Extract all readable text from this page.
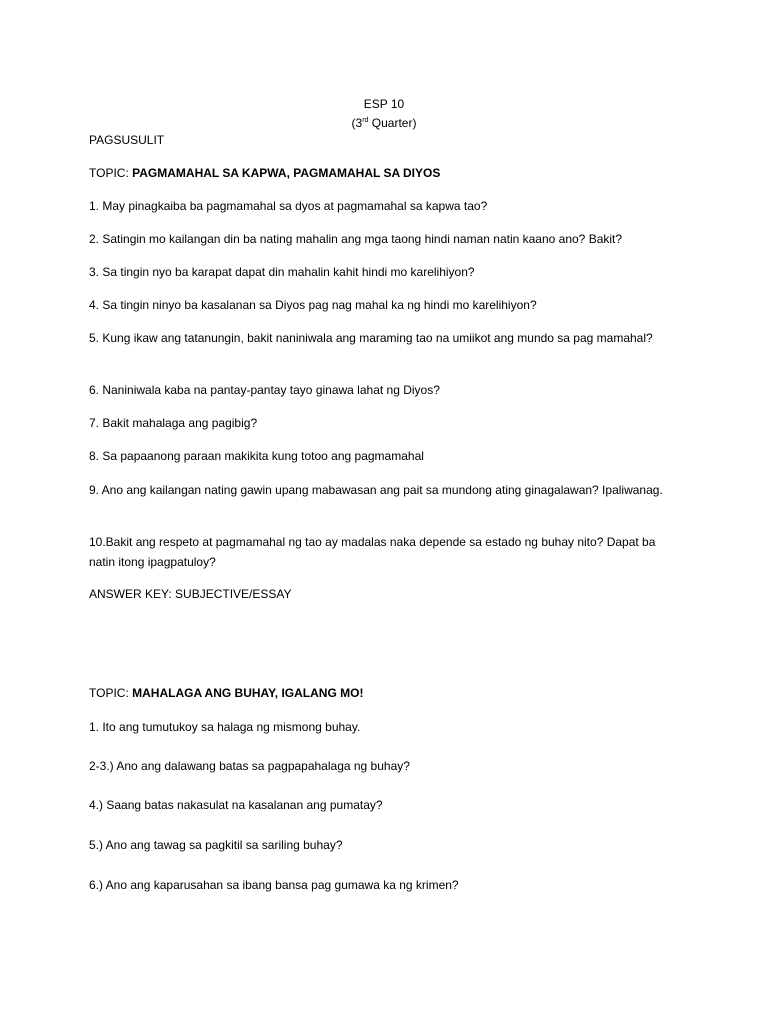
ESP 10
(3rd Quarter)
PAGSUSULIT
TOPIC: PAGMAMAHAL SA KAPWA, PAGMAMAHAL SA DIYOS
1. May pinagkaiba ba pagmamahal sa dyos at pagmamahal sa kapwa tao?
2. Satingin mo kailangan din ba nating mahalin ang mga taong hindi naman natin kaano ano? Bakit?
3. Sa tingin nyo ba karapat dapat din mahalin kahit hindi mo karelihiyon?
4. Sa tingin ninyo ba kasalanan sa Diyos pag nag mahal ka ng hindi mo karelihiyon?
5. Kung ikaw ang tatanungin, bakit naniniwala ang maraming tao na umiikot ang mundo sa pag mamahal?
6. Naniniwala kaba na pantay-pantay tayo ginawa lahat ng Diyos?
7. Bakit mahalaga ang pagibig?
8. Sa papaanong paraan makikita kung totoo ang pagmamahal
9. Ano ang kailangan nating gawin upang mabawasan ang pait sa mundong ating ginagalawan? Ipaliwanag.
10.Bakit ang respeto at pagmamahal ng tao ay madalas naka depende sa estado ng buhay nito? Dapat ba natin itong ipagpatuloy?
ANSWER KEY: SUBJECTIVE/ESSAY
TOPIC: MAHALAGA ANG BUHAY, IGALANG MO!
1. Ito ang tumutukoy sa halaga ng mismong buhay.
2-3.) Ano ang dalawang batas sa pagpapahalaga ng buhay?
4.) Saang batas nakasulat na kasalanan ang pumatay?
5.) Ano ang tawag sa pagkitil sa sariling buhay?
6.) Ano ang kaparusahan sa ibang bansa pag gumawa ka ng krimen?
